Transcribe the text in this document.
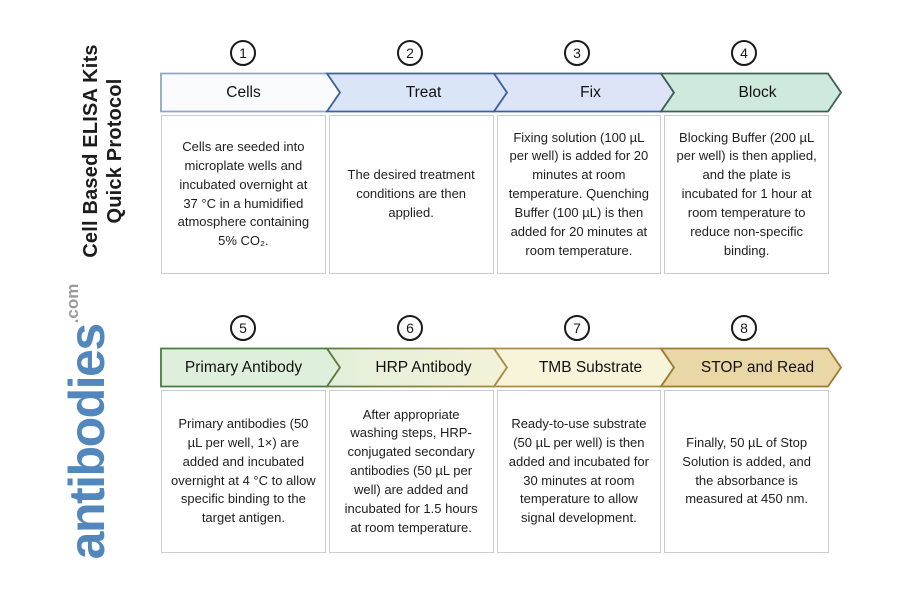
Cell Based ELISA Kits Quick Protocol
antibodies.com
1	2	3	4
Cells	Treat	Fix	Block

Cells are seeded into microplate wells and incubated overnight at 37 °C in a humidified atmosphere containing 5% CO₂.

The desired treatment conditions are then applied.

Fixing solution (100 µL per well) is added for 20 minutes at room temperature. Quenching Buffer (100 µL) is then added for 20 minutes at room temperature.

Blocking Buffer (200 µL per well) is then applied, and the plate is incubated for 1 hour at room temperature to reduce non-specific binding.

5	6	7	8
Primary Antibody	HRP Antibody	TMB Substrate	STOP and Read

Primary antibodies (50 µL per well, 1×) are added and incubated overnight at 4 °C to allow specific binding to the target antigen.

After appropriate washing steps, HRP-conjugated secondary antibodies (50 µL per well) are added and incubated for 1.5 hours at room temperature.

Ready-to-use substrate (50 µL per well) is then added and incubated for 30 minutes at room temperature to allow signal development.

Finally, 50 µL of Stop Solution is added, and the absorbance is measured at 450 nm.
